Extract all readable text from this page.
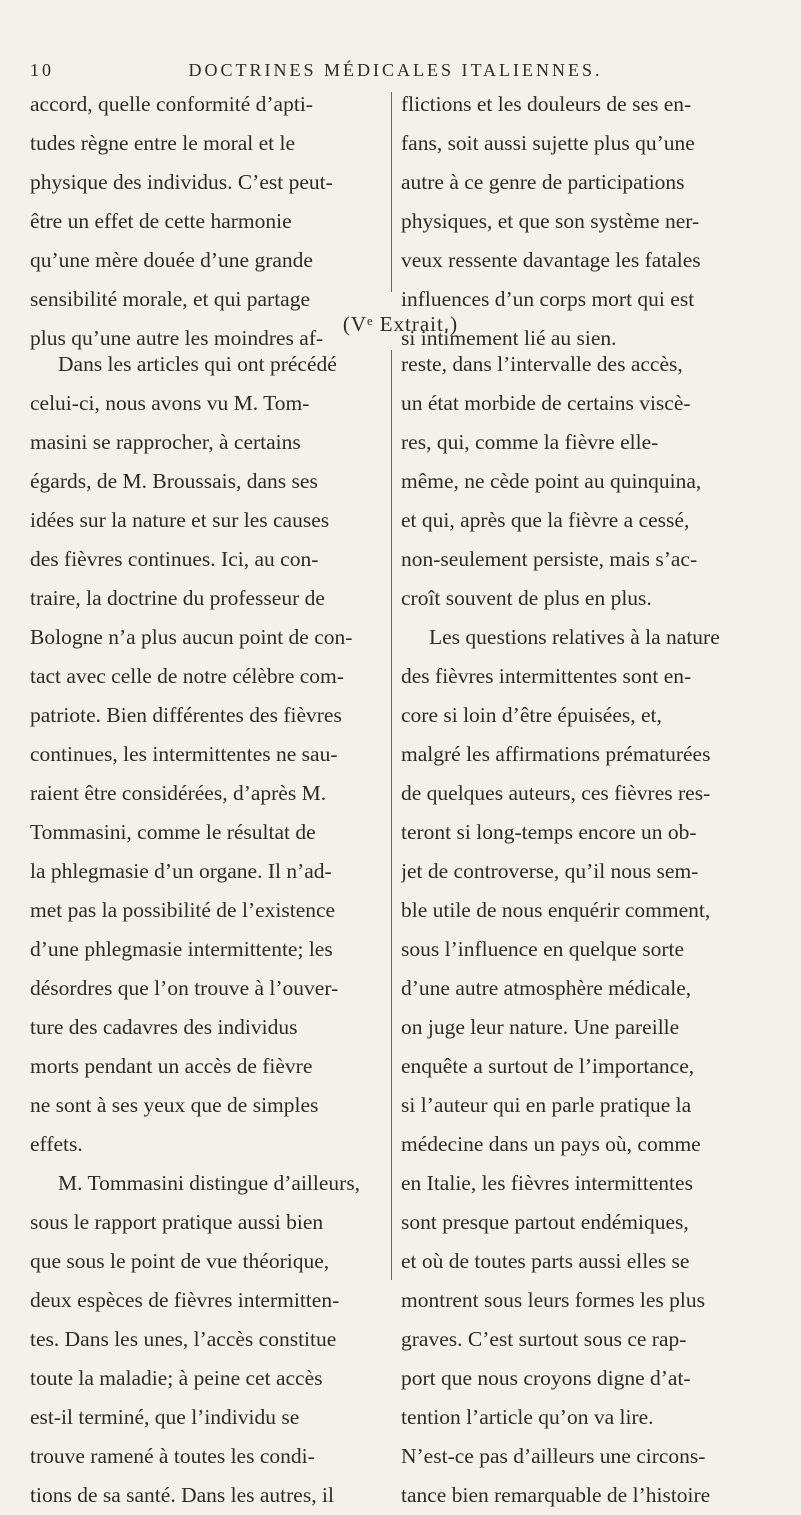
10	DOCTRINES MÉDICALES ITALIENNES.
accord, quelle conformité d’apti-
tudes règne entre le moral et le
physique des individus. C’est peut-
être un effet de cette harmonie
qu’une mère douée d’une grande
sensibilité morale, et qui partage
plus qu’une autre les moindres af-
flictions et les douleurs de ses en-
fans, soit aussi sujette plus qu’une
autre à ce genre de participations
physiques, et que son système ner-
veux ressente davantage les fatales
influences d’un corps mort qui est
si intimement lié au sien.
(Vᵉ Extrait.)
Dans les articles qui ont précédé
celui-ci, nous avons vu M. Tom-
masini se rapprocher, à certains
égards, de M. Broussais, dans ses
idées sur la nature et sur les causes
des fièvres continues. Ici, au con-
traire, la doctrine du professeur de
Bologne n’a plus aucun point de con-
tact avec celle de notre célèbre com-
patriote. Bien différentes des fièvres
continues, les intermittentes ne sau-
raient être considérées, d’après M.
Tommasini, comme le résultat de
la phlegmasie d’un organe. Il n’ad-
met pas la possibilité de l’existence
d’une phlegmasie intermittente; les
désordres que l’on trouve à l’ouver-
ture des cadavres des individus
morts pendant un accès de fièvre
ne sont à ses yeux que de simples
effets.
M. Tommasini distingue d’ailleurs,
sous le rapport pratique aussi bien
que sous le point de vue théorique,
deux espèces de fièvres intermitten-
tes. Dans les unes, l’accès constitue
toute la maladie; à peine cet accès
est-il terminé, que l’individu se
trouve ramené à toutes les condi-
tions de sa santé. Dans les autres, il
reste, dans l’intervalle des accès,
un état morbide de certains viscè-
res, qui, comme la fièvre elle-
même, ne cède point au quinquina,
et qui, après que la fièvre a cessé,
non-seulement persiste, mais s’ac-
croît souvent de plus en plus.
Les questions relatives à la nature
des fièvres intermittentes sont en-
core si loin d’être épuisées, et,
malgré les affirmations prématurées
de quelques auteurs, ces fièvres res-
teront si long-temps encore un ob-
jet de controverse, qu’il nous sem-
ble utile de nous enquérir comment,
sous l’influence en quelque sorte
d’une autre atmosphère médicale,
on juge leur nature. Une pareille
enquête a surtout de l’importance,
si l’auteur qui en parle pratique la
médecine dans un pays où, comme
en Italie, les fièvres intermittentes
sont presque partout endémiques,
et où de toutes parts aussi elles se
montrent sous leurs formes les plus
graves. C’est surtout sous ce rap-
port que nous croyons digne d’at-
tention l’article qu’on va lire.
N’est-ce pas d’ailleurs une circons-
tance bien remarquable de l’histoire
